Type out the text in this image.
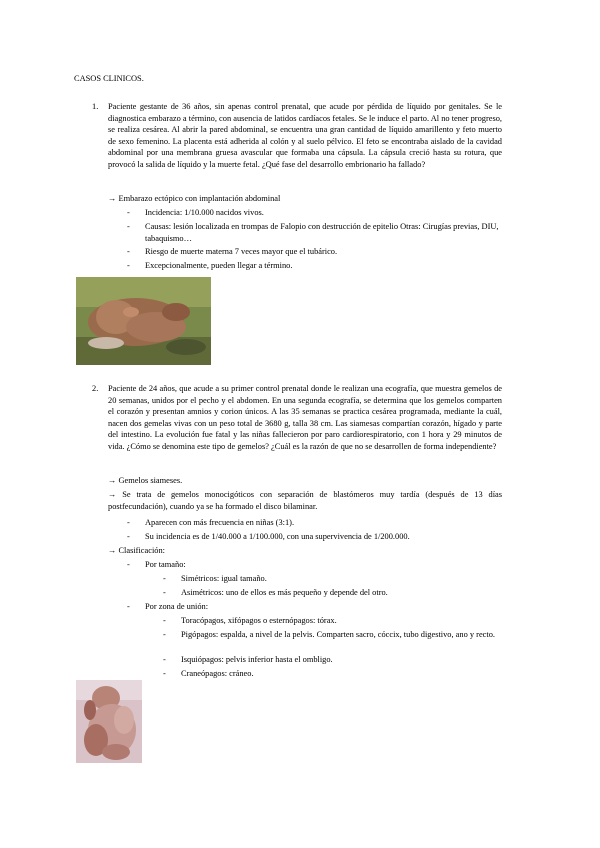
CASOS CLINICOS.
1. Paciente gestante de 36 años, sin apenas control prenatal, que acude por pérdida de líquido por genitales. Se le diagnostica embarazo a término, con ausencia de latidos cardíacos fetales. Se le induce el parto. Al no tener progreso, se realiza cesárea. Al abrir la pared abdominal, se encuentra una gran cantidad de líquido amarillento y feto muerto de sexo femenino. La placenta está adherida al colón y al suelo pélvico. El feto se encontraba aislado de la cavidad abdominal por una membrana gruesa avascular que formaba una cápsula. La cápsula creció hasta su rotura, que provocó la salida de líquido y la muerte fetal. ¿Qué fase del desarrollo embrionario ha fallado?
→ Embarazo ectópico con implantación abdominal
- Incidencia: 1/10.000 nacidos vivos.
- Causas: lesión localizada en trompas de Falopio con destrucción de epitelio Otras: Cirugías previas, DIU, tabaquismo…
- Riesgo de muerte materna 7 veces mayor que el tubárico.
- Excepcionalmente, pueden llegar a término.
2. Paciente de 24 años, que acude a su primer control prenatal donde le realizan una ecografía, que muestra gemelos de 20 semanas, unidos por el pecho y el abdomen. En una segunda ecografía, se determina que los gemelos comparten el corazón y presentan amnios y corion únicos. A las 35 semanas se practica cesárea programada, mediante la cuál, nacen dos gemelas vivas con un peso total de 3680 g, talla 38 cm. Las siamesas compartían corazón, hígado y parte del intestino. La evolución fue fatal y las niñas fallecieron por paro cardiorespiratorio, con 1 hora y 29 minutos de vida. ¿Cómo se denomina este tipo de gemelos? ¿Cuál es la razón de que no se desarrollen de forma independiente?
→ Gemelos siameses.
→ Se trata de gemelos monocigóticos con separación de blastómeros muy tardía (después de 13 días postfecundación), cuando ya se ha formado el disco bilaminar.
- Aparecen con más frecuencia en niñas (3:1).
- Su incidencia es de 1/40.000 a 1/100.000, con una supervivencia de 1/200.000.
→ Clasificación:
- Por tamaño:
- Simétricos: igual tamaño.
- Asimétricos: uno de ellos es más pequeño y depende del otro.
- Por zona de unión:
- Toracópagos, xifópagos o esternópagos: tórax.
- Pigópagos: espalda, a nivel de la pelvis. Comparten sacro, cóccix, tubo digestivo, ano y recto.
- Isquiópagos: pelvis inferior hasta el ombligo.
- Craneópagos: cráneo.
